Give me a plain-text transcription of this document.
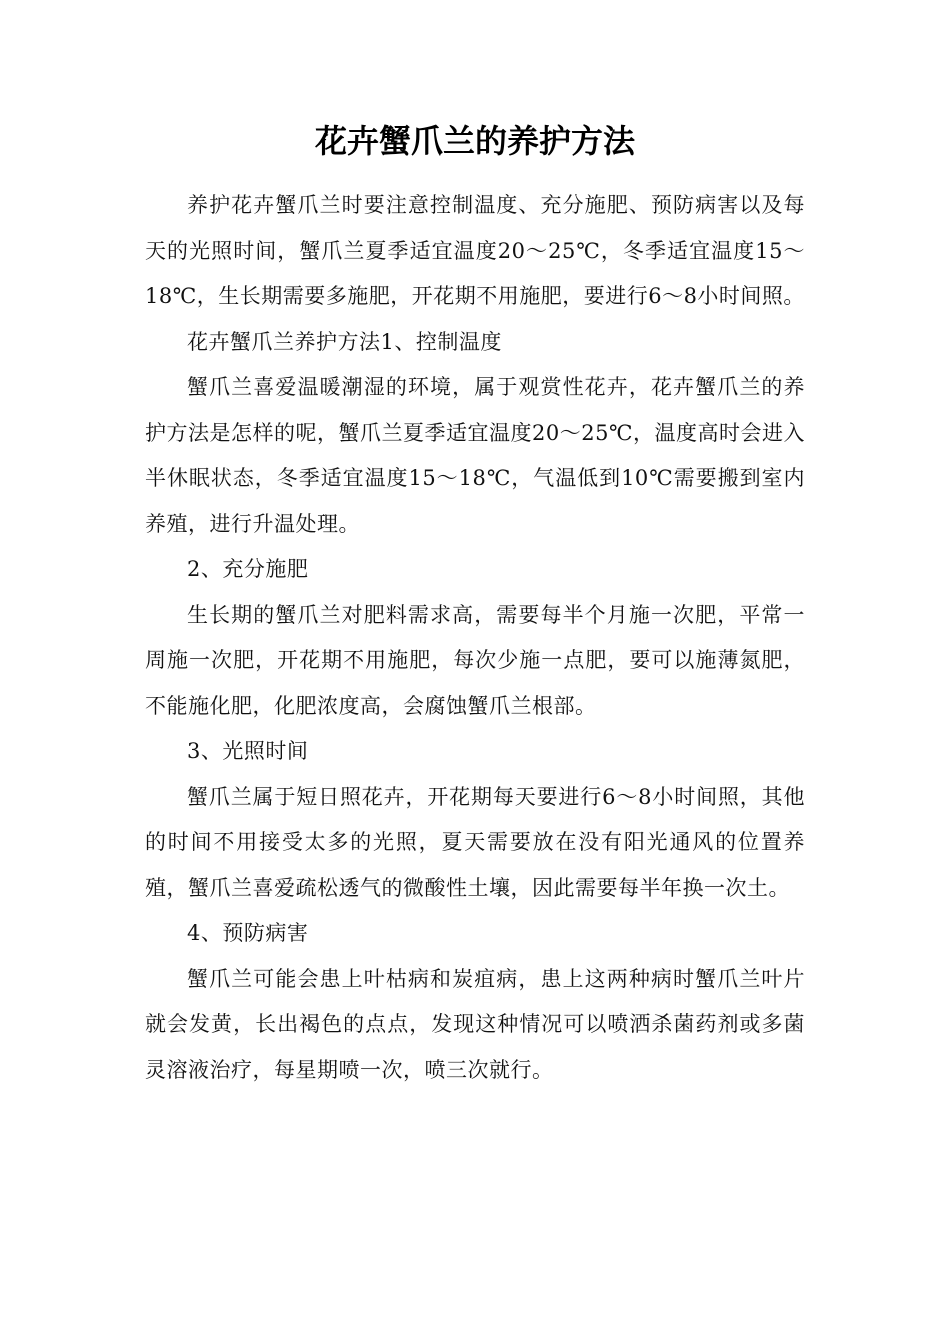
花卉蟹爪兰的养护方法

养护花卉蟹爪兰时要注意控制温度、充分施肥、预防病害以及每天的光照时间，蟹爪兰夏季适宜温度20～25℃，冬季适宜温度15～18℃，生长期需要多施肥，开花期不用施肥，要进行6～8小时间照。

花卉蟹爪兰养护方法1、控制温度

蟹爪兰喜爱温暖潮湿的环境，属于观赏性花卉，花卉蟹爪兰的养护方法是怎样的呢，蟹爪兰夏季适宜温度20～25℃，温度高时会进入半休眠状态，冬季适宜温度15～18℃，气温低到10℃需要搬到室内养殖，进行升温处理。

2、充分施肥

生长期的蟹爪兰对肥料需求高，需要每半个月施一次肥，平常一周施一次肥，开花期不用施肥，每次少施一点肥，要可以施薄氮肥，不能施化肥，化肥浓度高，会腐蚀蟹爪兰根部。

3、光照时间

蟹爪兰属于短日照花卉，开花期每天要进行6～8小时间照，其他的时间不用接受太多的光照，夏天需要放在没有阳光通风的位置养殖，蟹爪兰喜爱疏松透气的微酸性土壤，因此需要每半年换一次土。

4、预防病害

蟹爪兰可能会患上叶枯病和炭疽病，患上这两种病时蟹爪兰叶片就会发黄，长出褐色的点点，发现这种情况可以喷洒杀菌药剂或多菌灵溶液治疗，每星期喷一次，喷三次就行。
